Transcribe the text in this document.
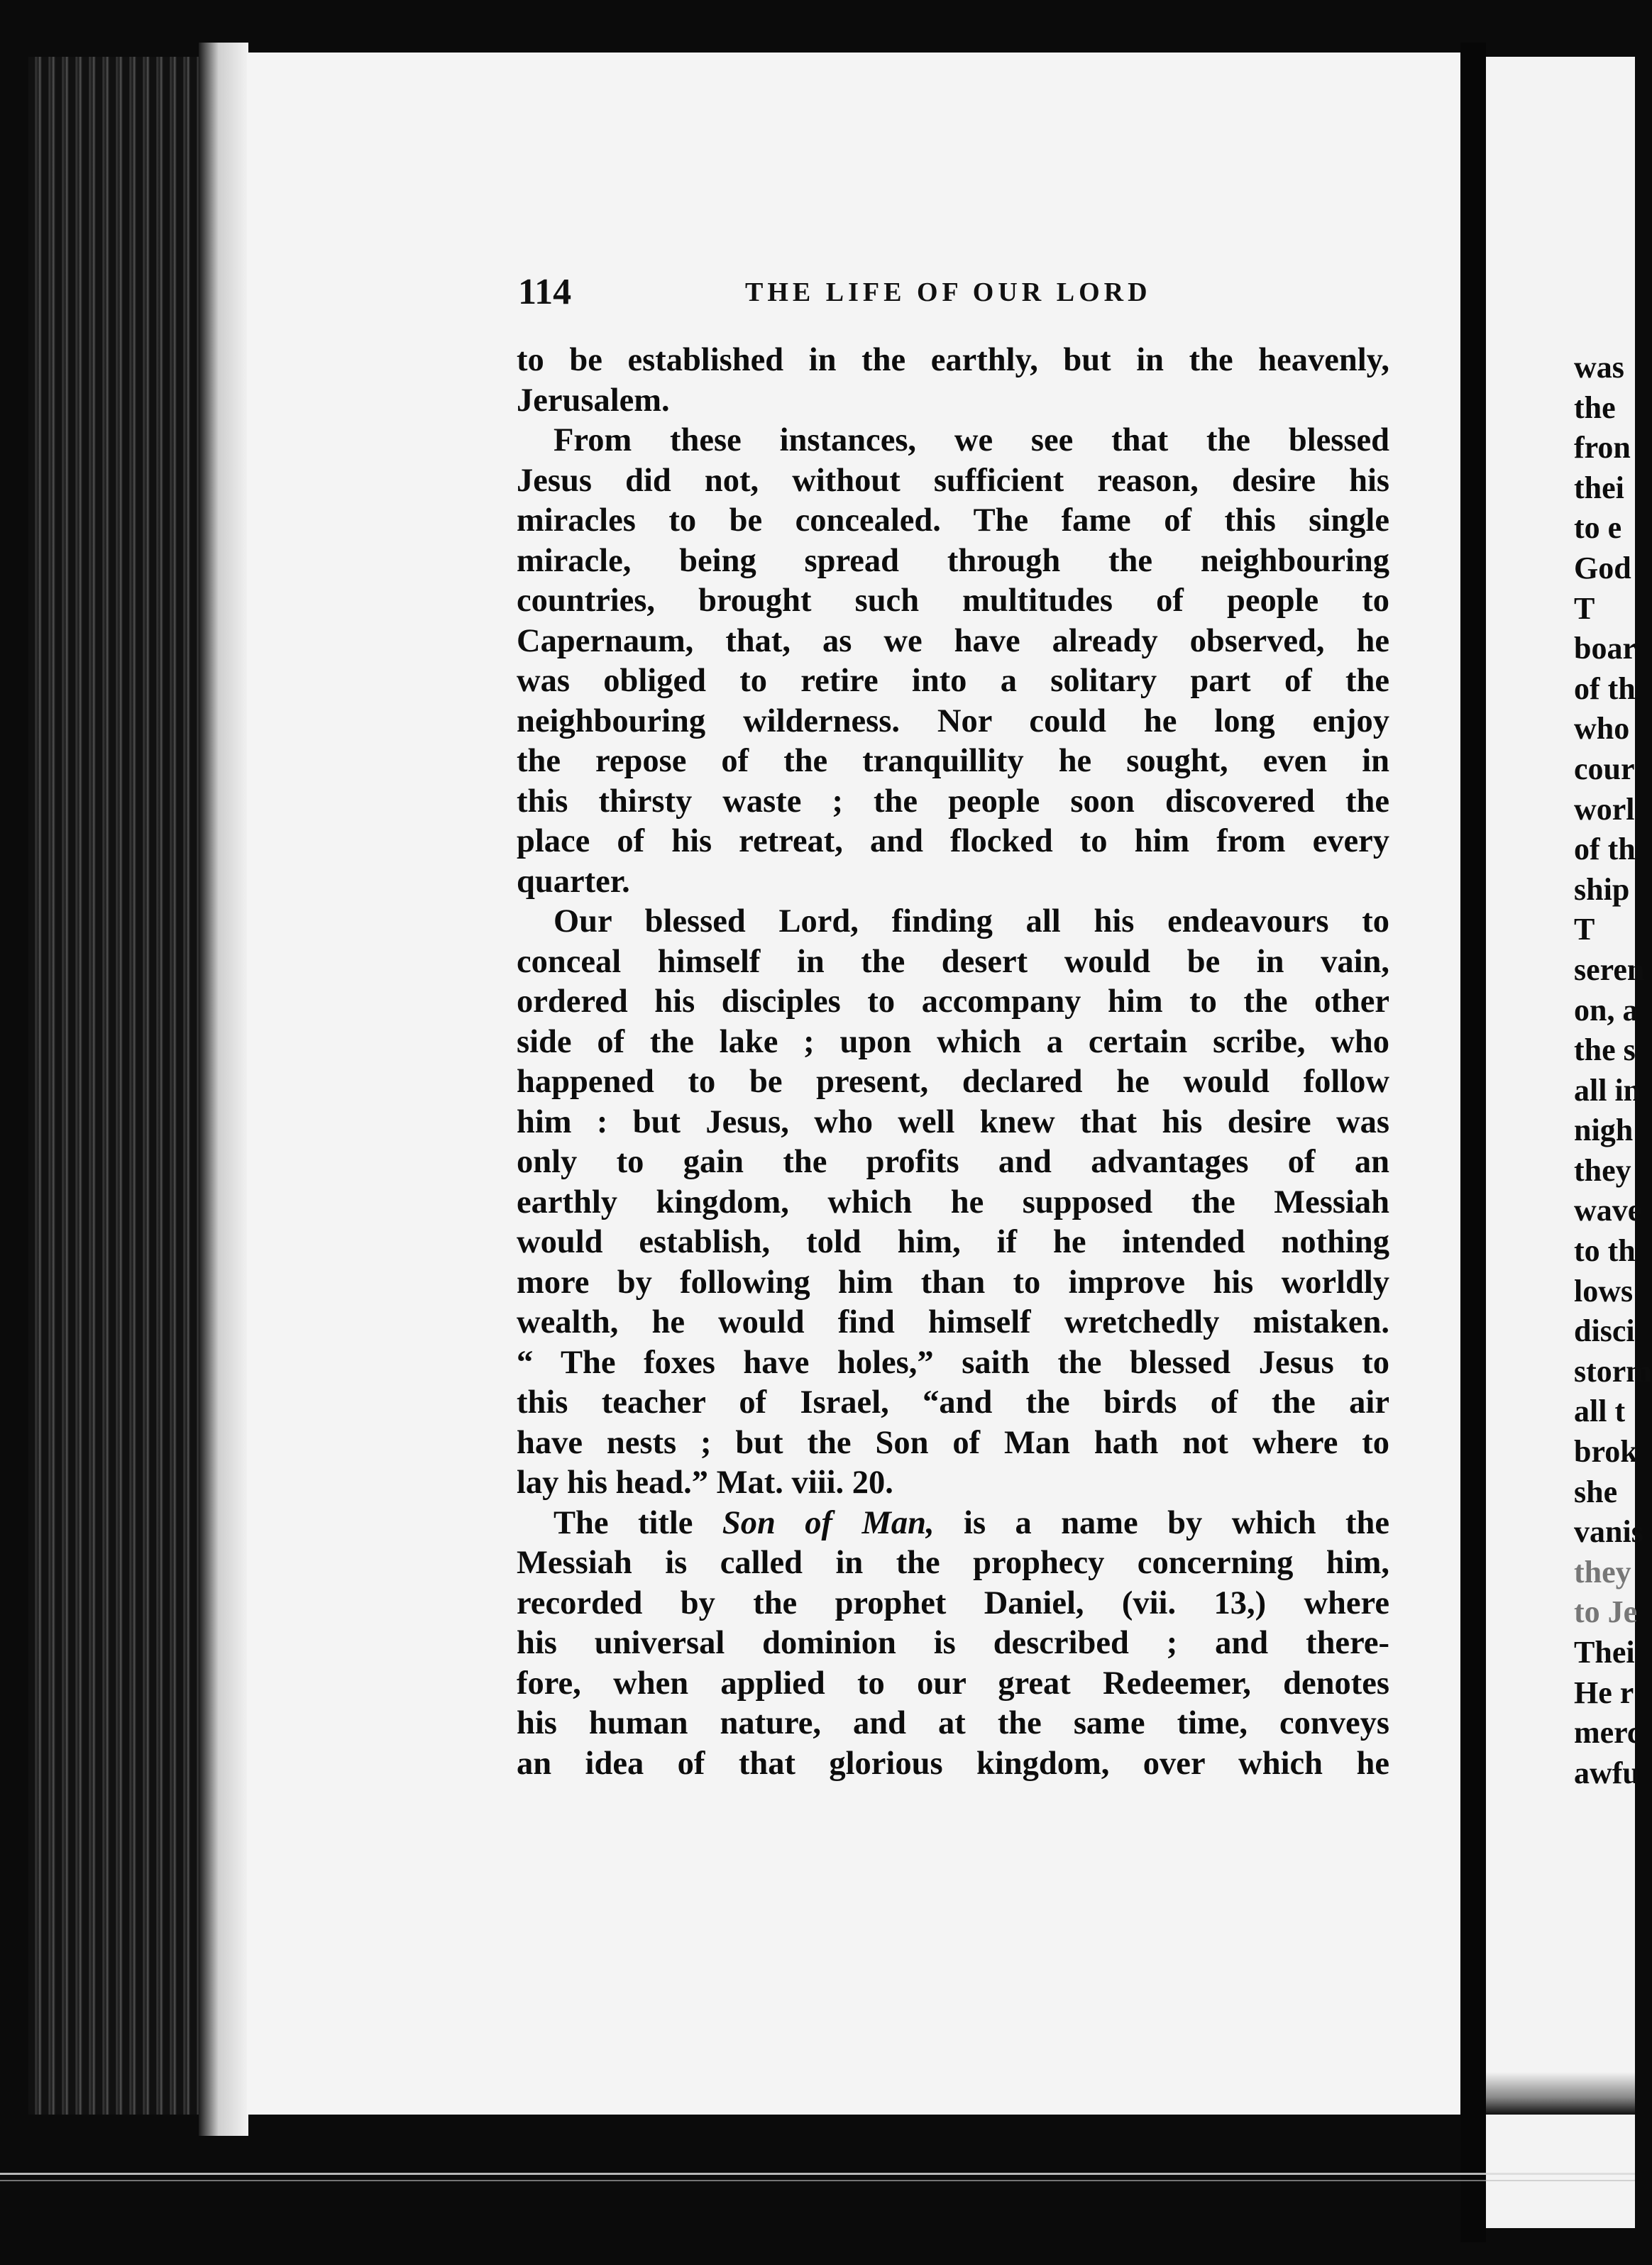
114	THE LIFE OF OUR LORD
to be established in the earthly, but in the heavenly,
Jerusalem.
From these instances, we see that the blessed
Jesus did not, without sufficient reason, desire his
miracles to be concealed. The fame of this single
miracle, being spread through the neighbouring
countries, brought such multitudes of people to
Capernaum, that, as we have already observed, he
was obliged to retire into a solitary part of the
neighbouring wilderness. Nor could he long enjoy
the repose of the tranquillity he sought, even in
this thirsty waste ; the people soon discovered the
place of his retreat, and flocked to him from every
quarter.
Our blessed Lord, finding all his endeavours to
conceal himself in the desert would be in vain,
ordered his disciples to accompany him to the other
side of the lake ; upon which a certain scribe, who
happened to be present, declared he would follow
him : but Jesus, who well knew that his desire was
only to gain the profits and advantages of an
earthly kingdom, which he supposed the Messiah
would establish, told him, if he intended nothing
more by following him than to improve his worldly
wealth, he would find himself wretchedly mistaken.
“ The foxes have holes,” saith the blessed Jesus to
this teacher of Israel, “and the birds of the air
have nests ; but the Son of Man hath not where to
lay his head.” Mat. viii. 20.
The title Son of Man, is a name by which the
Messiah is called in the prophecy concerning him,
recorded by the prophet Daniel, (vii. 13,) where
his universal dominion is described ; and there-
fore, when applied to our great Redeemer, denotes
his human nature, and at the same time, conveys
an idea of that glorious kingdom, over which he
was
the
fron
thei
to e
God
T
boar
of th
who
cour
worl
of th
ship
T
seren
on, a
the s
all in
nigh
they
wave
to th
lows
disci
storm
all t
brok
she
vanis
they
to Je
Thei
He r
merc
awfu
